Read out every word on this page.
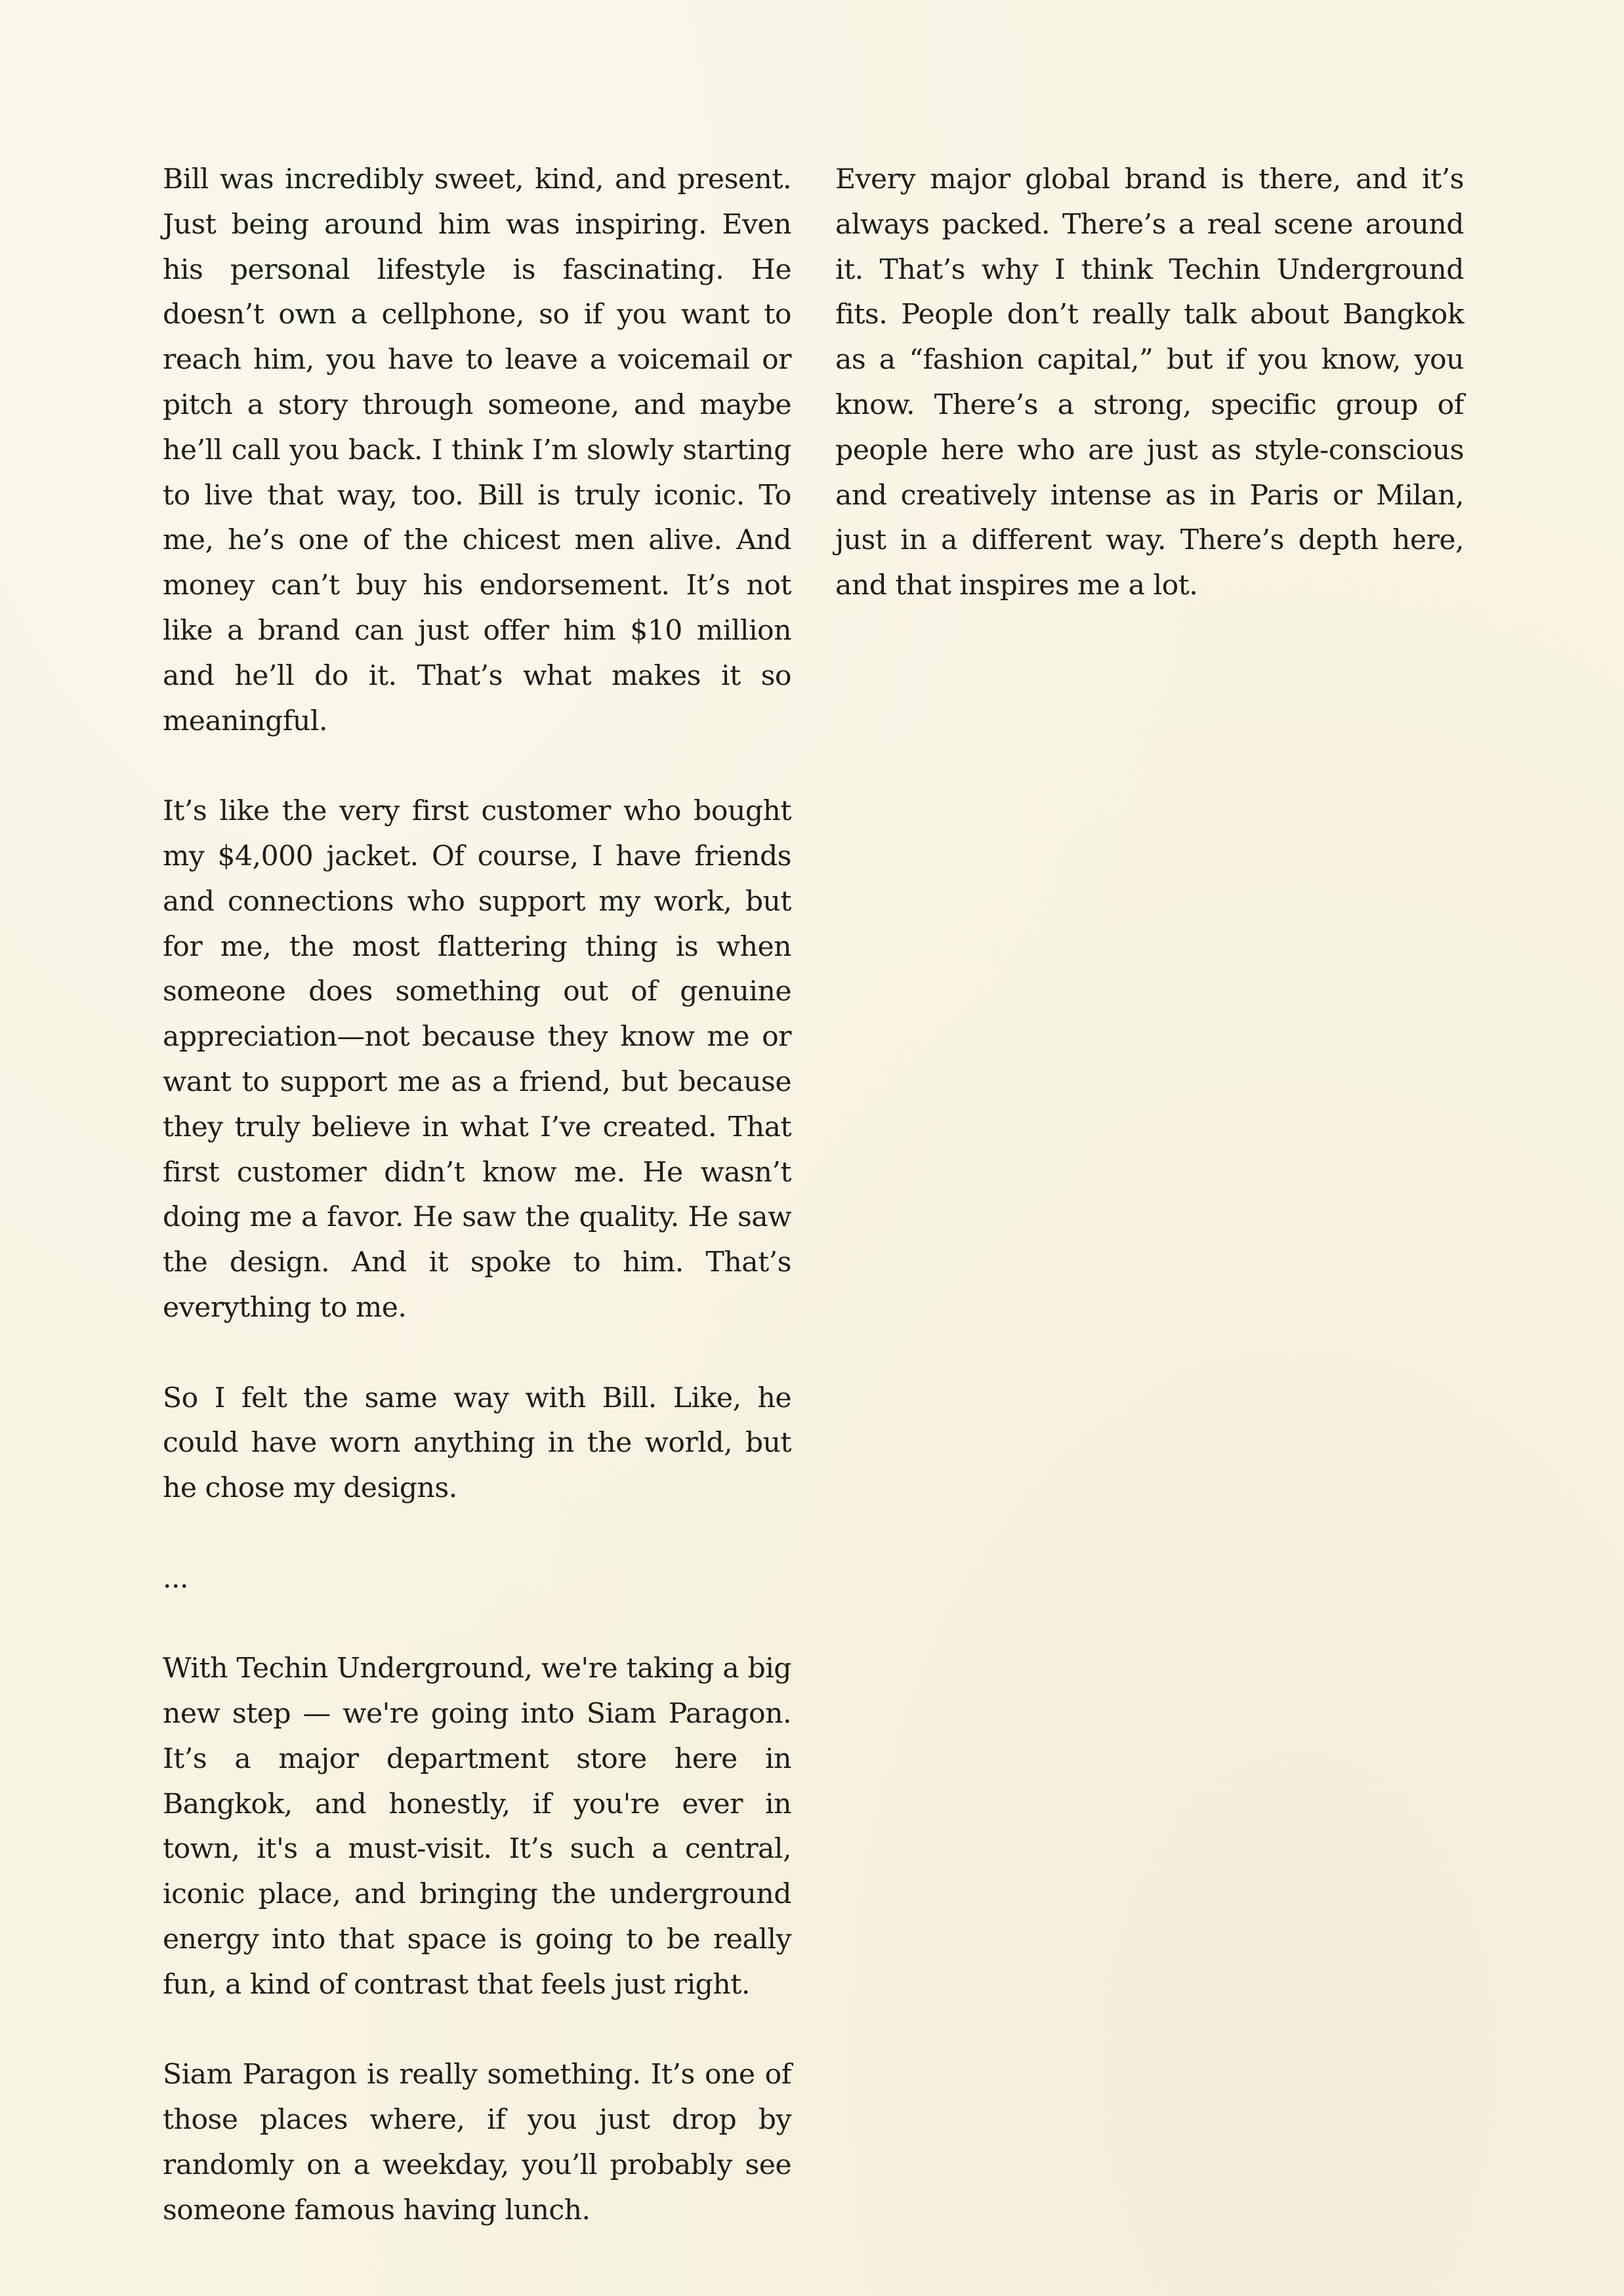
Bill was incredibly sweet, kind, and present. Just being around him was inspiring. Even his personal lifestyle is fascinating. He doesn’t own a cellphone, so if you want to reach him, you have to leave a voicemail or pitch a story through someone, and maybe he’ll call you back. I think I’m slowly starting to live that way, too. Bill is truly iconic. To me, he’s one of the chicest men alive. And money can’t buy his endorsement. It’s not like a brand can just offer him $10 million and he’ll do it. That’s what makes it so meaningful.

It’s like the very first customer who bought my $4,000 jacket. Of course, I have friends and connections who support my work, but for me, the most flattering thing is when someone does something out of genuine appreciation—not because they know me or want to support me as a friend, but because they truly believe in what I’ve created. That first customer didn’t know me. He wasn’t doing me a favor. He saw the quality. He saw the design. And it spoke to him. That’s everything to me.

So I felt the same way with Bill. Like, he could have worn anything in the world, but he chose my designs.

...

With Techin Underground, we're taking a big new step — we're going into Siam Paragon. It’s a major department store here in Bangkok, and honestly, if you're ever in town, it's a must-visit. It’s such a central, iconic place, and bringing the underground energy into that space is going to be really fun, a kind of contrast that feels just right.

Siam Paragon is really something. It’s one of those places where, if you just drop by randomly on a weekday, you’ll probably see someone famous having lunch.

Every major global brand is there, and it’s always packed. There’s a real scene around it. That’s why I think Techin Underground fits. People don’t really talk about Bangkok as a “fashion capital,” but if you know, you know. There’s a strong, specific group of people here who are just as style-conscious and creatively intense as in Paris or Milan, just in a different way. There’s depth here, and that inspires me a lot.
